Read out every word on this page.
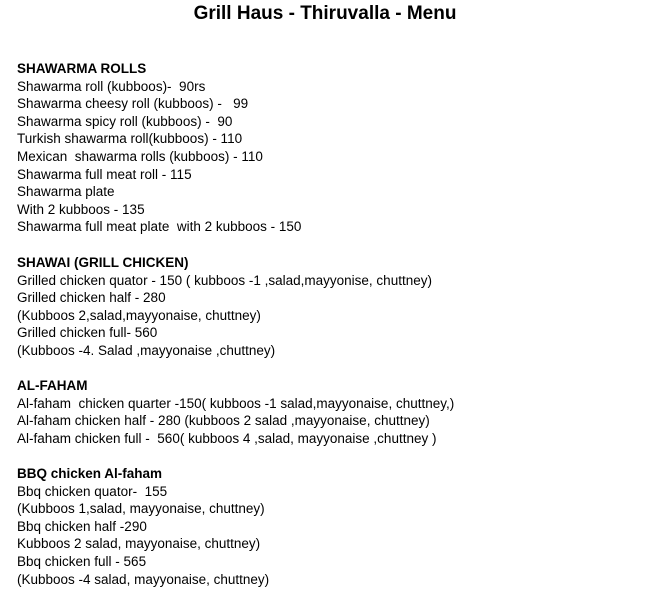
Grill Haus - Thiruvalla - Menu
SHAWARMA ROLLS
Shawarma roll (kubboos)-  90rs
Shawarma cheesy roll (kubboos) -   99
Shawarma spicy roll (kubboos) -  90
Turkish shawarma roll(kubboos) - 110
Mexican  shawarma rolls (kubboos) - 110
Shawarma full meat roll - 115
Shawarma plate
With 2 kubboos - 135
Shawarma full meat plate  with 2 kubboos - 150
SHAWAI (GRILL CHICKEN)
Grilled chicken quator - 150 ( kubboos -1 ,salad,mayyonise, chuttney)
Grilled chicken half - 280
(Kubboos 2,salad,mayyonaise, chuttney)
Grilled chicken full- 560
(Kubboos -4. Salad ,mayyonaise ,chuttney)
AL-FAHAM
Al-faham  chicken quarter -150( kubboos -1 salad,mayyonaise, chuttney,)
Al-faham chicken half - 280 (kubboos 2 salad ,mayyonaise, chuttney)
Al-faham chicken full -  560( kubboos 4 ,salad, mayyonaise ,chuttney )
BBQ chicken Al-faham
Bbq chicken quator-  155
(Kubboos 1,salad, mayyonaise, chuttney)
Bbq chicken half -290
Kubboos 2 salad, mayyonaise, chuttney)
Bbq chicken full - 565
(Kubboos -4 salad, mayyonaise, chuttney)
